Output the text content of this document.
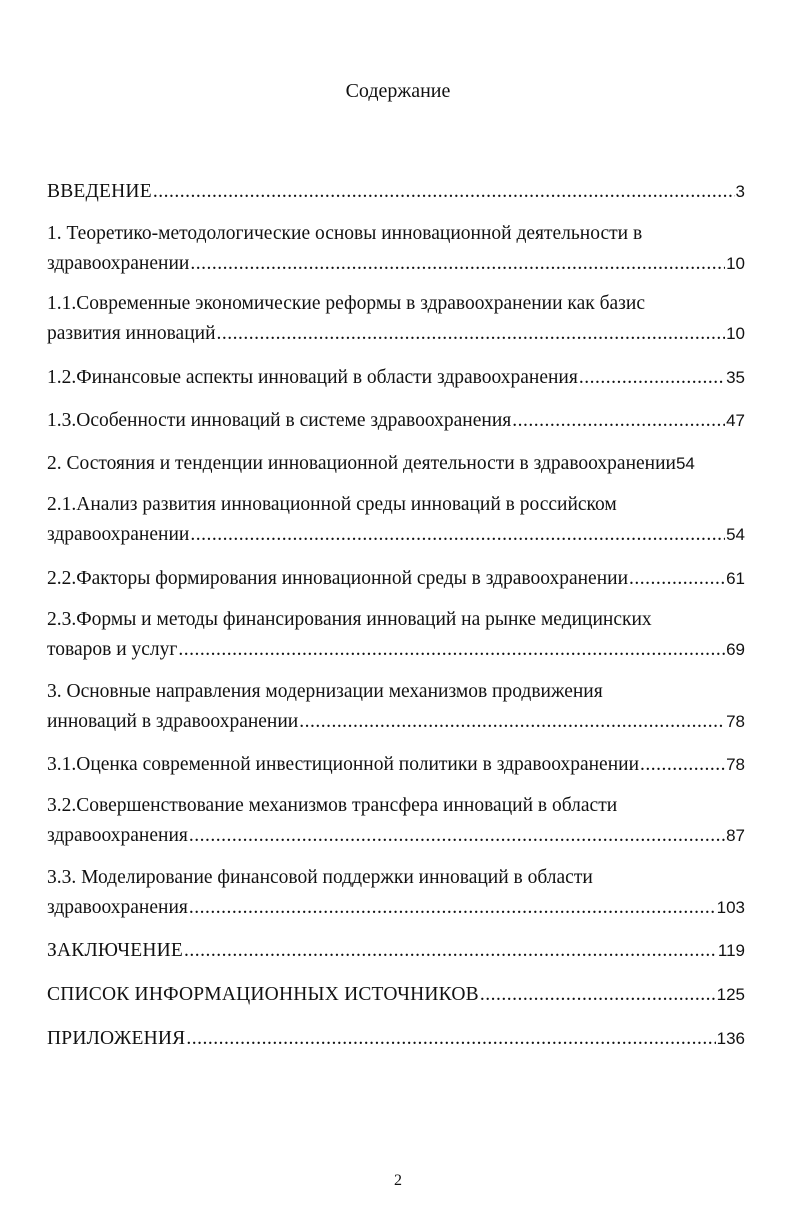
Содержание
ВВЕДЕНИЕ .....	3
1. Теоретико-методологические основы инновационной деятельности в
здравоохранении .....	10
1.1.Современные экономические реформы в здравоохранении как базис
развития инноваций .....	10
1.2.Финансовые аспекты инноваций в области здравоохранения .....	35
1.3.Особенности инноваций в системе здравоохранения .....	47
2. Состояния и тенденции инновационной деятельности в здравоохранении 54
2.1.Анализ развития инновационной среды инноваций в российском
здравоохранении .....	54
2.2.Факторы формирования инновационной среды в здравоохранении .....	61
2.3.Формы и методы финансирования инноваций на рынке медицинских
товаров и услуг .....	69
3. Основные направления модернизации механизмов продвижения
инноваций в здравоохранении .....	78
3.1.Оценка современной инвестиционной политики в здравоохранении .....	78
3.2.Совершенствование механизмов трансфера инноваций в области
здравоохранения .....	87
3.3. Моделирование финансовой поддержки инноваций в области
здравоохранения .....	103
ЗАКЛЮЧЕНИЕ .....	119
СПИСОК ИНФОРМАЦИОННЫХ ИСТОЧНИКОВ .....	125
ПРИЛОЖЕНИЯ .....	136
2
